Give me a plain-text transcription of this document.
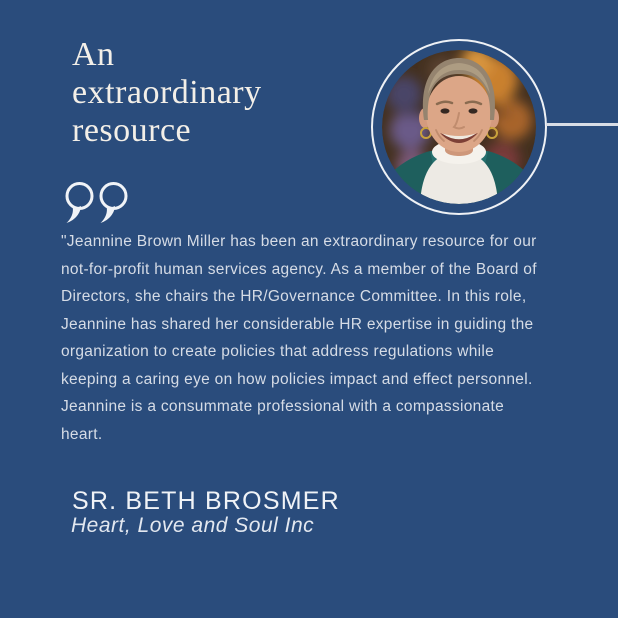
An
extraordinary
resource

"Jeannine Brown Miller has been an extraordinary resource for our not-for-profit human services agency. As a member of the Board of Directors, she chairs the HR/Governance Committee. In this role, Jeannine has shared her considerable HR expertise in guiding the organization to create policies that address regulations while keeping a caring eye on how policies impact and effect personnel. Jeannine is a consummate professional with a compassionate heart.

SR. BETH BROSMER
Heart, Love and Soul Inc
